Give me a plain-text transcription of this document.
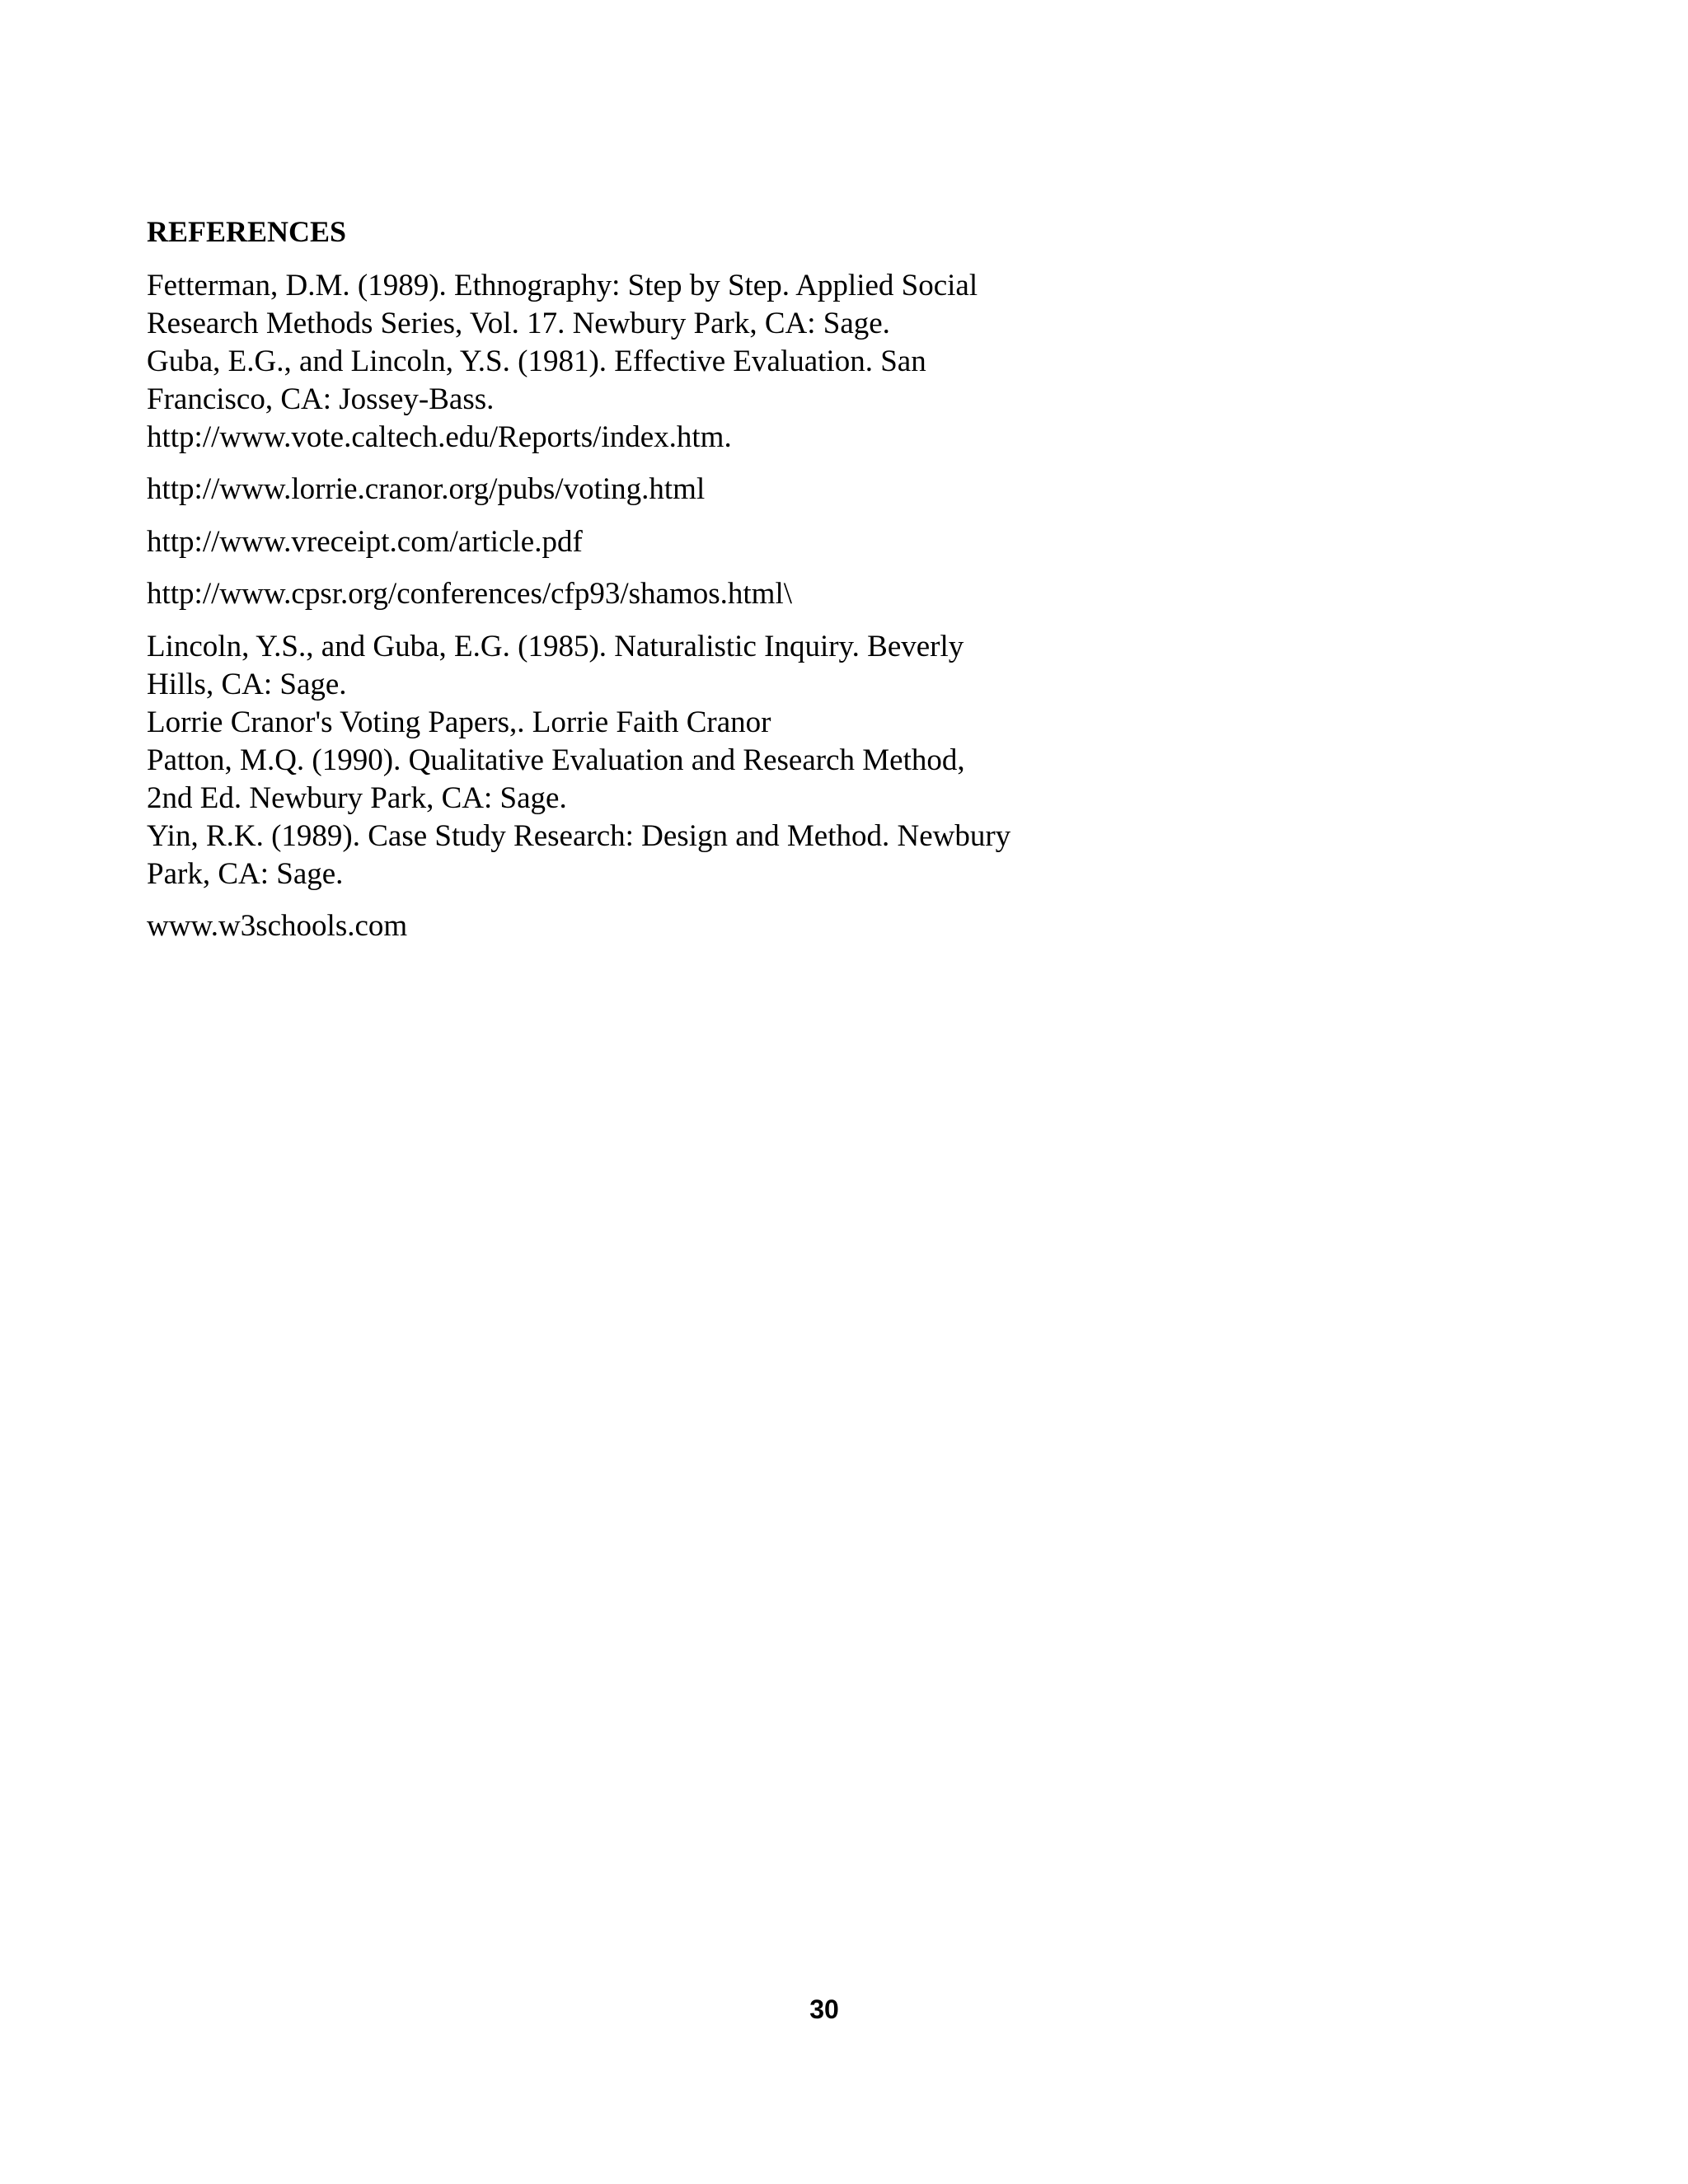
REFERENCES
Fetterman, D.M. (1989). Ethnography: Step by Step. Applied Social
Research Methods Series, Vol. 17. Newbury Park, CA: Sage.
Guba, E.G., and Lincoln, Y.S. (1981). Effective Evaluation. San
Francisco, CA: Jossey-Bass.
http://www.vote.caltech.edu/Reports/index.htm.
http://www.lorrie.cranor.org/pubs/voting.html
http://www.vreceipt.com/article.pdf
http://www.cpsr.org/conferences/cfp93/shamos.html\
Lincoln, Y.S., and Guba, E.G. (1985). Naturalistic Inquiry. Beverly
Hills, CA: Sage.
Lorrie Cranor's Voting Papers,. Lorrie Faith Cranor
Patton, M.Q. (1990). Qualitative Evaluation and Research Method,
2nd Ed. Newbury Park, CA: Sage.
Yin, R.K. (1989). Case Study Research: Design and Method. Newbury
Park, CA: Sage.
www.w3schools.com
30
